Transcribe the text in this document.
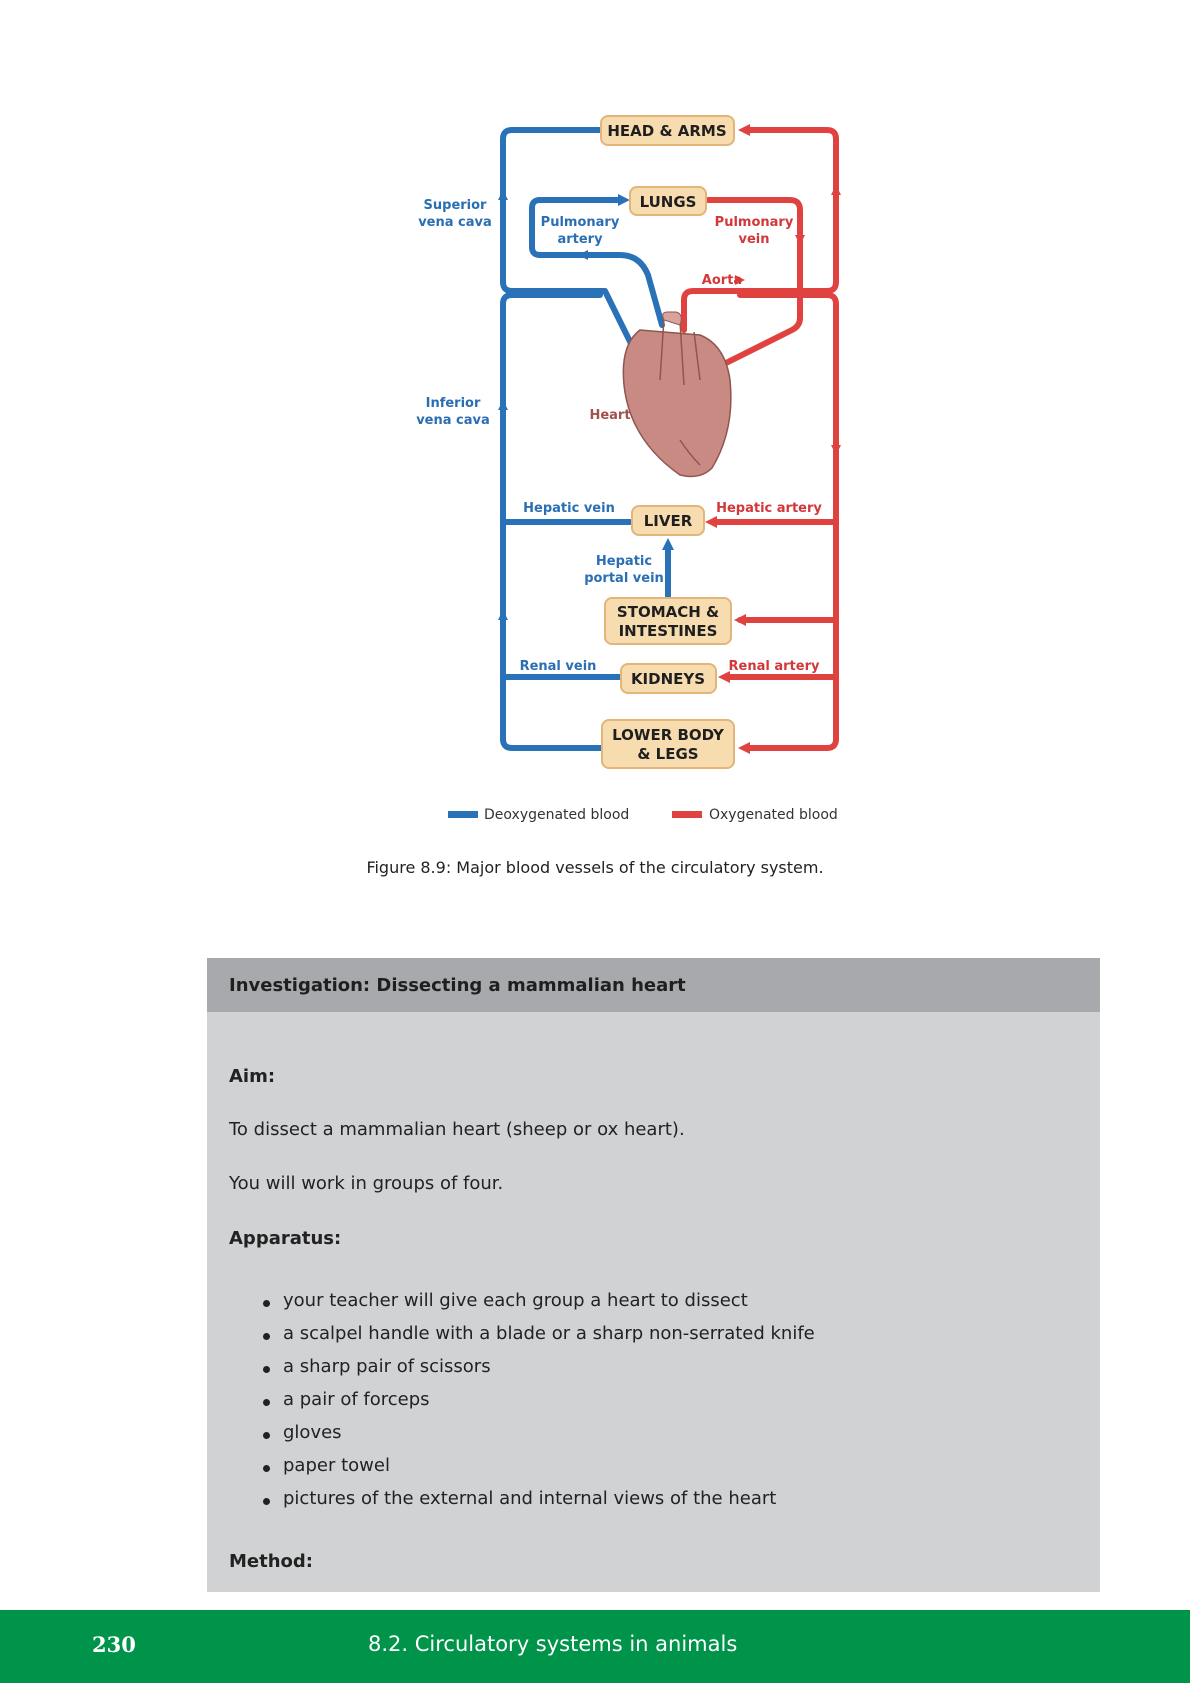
HEAD & ARMS
LUNGS
LIVER
STOMACH &
INTESTINES
KIDNEYS
LOWER BODY
& LEGS
Superior
vena cava	Pulmonary
artery
Pulmonary
vein
Aorta
Heart
Inferior
vena cava
Hepatic vein	Hepatic artery
Hepatic
portal vein
Renal vein	Renal artery
Deoxygenated blood	Oxygenated blood
Figure 8.9: Major blood vessels of the circulatory system.
Investigation: Dissecting a mammalian heart
Aim:
To dissect a mammalian heart (sheep or ox heart).
You will work in groups of four.
Apparatus:
your teacher will give each group a heart to dissect
a scalpel handle with a blade or a sharp non-serrated knife
a sharp pair of scissors
a pair of forceps
gloves
paper towel
pictures of the external and internal views of the heart
Method:
230	8.2. Circulatory systems in animals
